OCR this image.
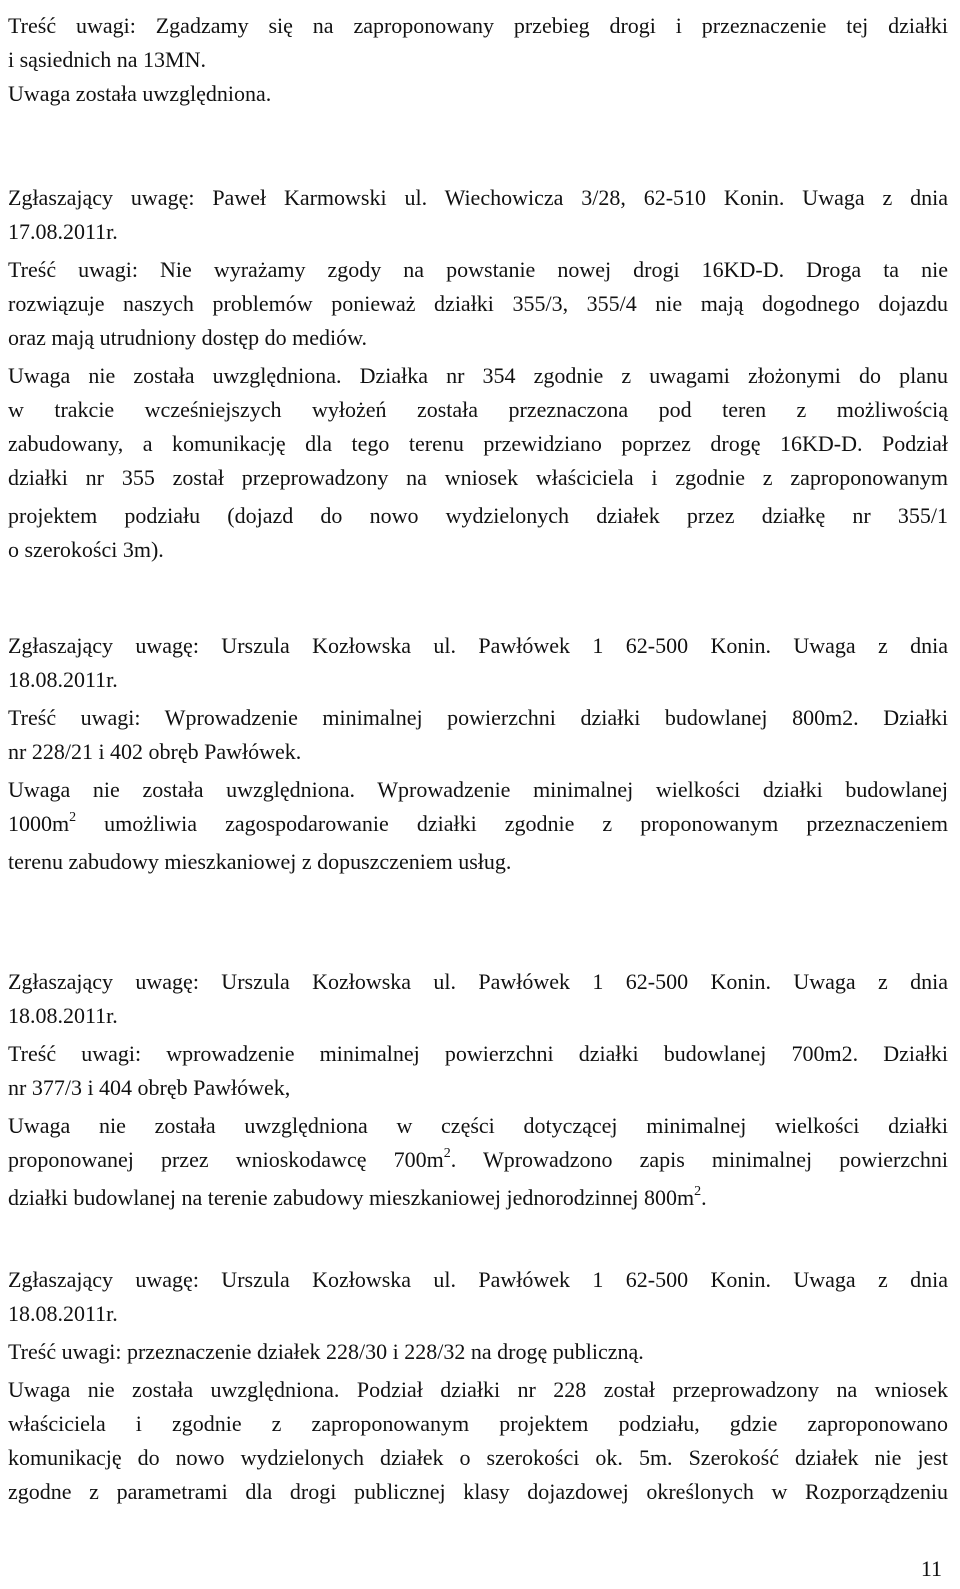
Treść uwagi: Zgadzamy się na zaproponowany przebieg drogi i przeznaczenie tej działki
i sąsiednich na 13MN.
Uwaga została uwzględniona.
Zgłaszający uwagę: Paweł Karmowski ul. Wiechowicza 3/28, 62-510 Konin. Uwaga z dnia
17.08.2011r.
Treść uwagi: Nie wyrażamy zgody na powstanie nowej drogi 16KD-D. Droga ta nie
rozwiązuje naszych problemów ponieważ działki 355/3, 355/4 nie mają dogodnego dojazdu
oraz mają utrudniony dostęp do mediów.
Uwaga nie została uwzględniona. Działka nr 354 zgodnie z uwagami złożonymi do planu
w trakcie wcześniejszych wyłożeń została przeznaczona pod teren z możliwością
zabudowany, a komunikację dla tego terenu przewidziano poprzez drogę 16KD-D. Podział
działki nr 355 został przeprowadzony na wniosek właściciela i zgodnie z zaproponowanym
projektem podziału (dojazd do nowo wydzielonych działek przez działkę nr 355/1
o szerokości 3m).
Zgłaszający uwagę: Urszula Kozłowska ul. Pawłówek 1 62-500 Konin. Uwaga z dnia
18.08.2011r.
Treść uwagi: Wprowadzenie minimalnej powierzchni działki budowlanej 800m2. Działki
nr 228/21 i 402 obręb Pawłówek.
Uwaga nie została uwzględniona. Wprowadzenie minimalnej wielkości działki budowlanej
$1000m^2$ umożliwia zagospodarowanie działki zgodnie z proponowanym przeznaczeniem
terenu zabudowy mieszkaniowej z dopuszczeniem usług.
Zgłaszający uwagę: Urszula Kozłowska ul. Pawłówek 1 62-500 Konin. Uwaga z dnia
18.08.2011r.
Treść uwagi: wprowadzenie minimalnej powierzchni działki budowlanej 700m2. Działki
nr 377/3 i 404 obręb Pawłówek,
Uwaga nie została uwzględniona w części dotyczącej minimalnej wielkości działki
proponowanej przez wnioskodawcę $700m^2$. Wprowadzono zapis minimalnej powierzchni
działki budowlanej na terenie zabudowy mieszkaniowej jednorodzinnej $800m^2$.
Zgłaszający uwagę: Urszula Kozłowska ul. Pawłówek 1 62-500 Konin. Uwaga z dnia
18.08.2011r.
Treść uwagi: przeznaczenie działek 228/30 i 228/32 na drogę publiczną.
Uwaga nie została uwzględniona. Podział działki nr 228 został przeprowadzony na wniosek
właściciela i zgodnie z zaproponowanym projektem podziału, gdzie zaproponowano
komunikację do nowo wydzielonych działek o szerokości ok. 5m. Szerokość działek nie jest
zgodne z parametrami dla drogi publicznej klasy dojazdowej określonych w Rozporządzeniu
11
